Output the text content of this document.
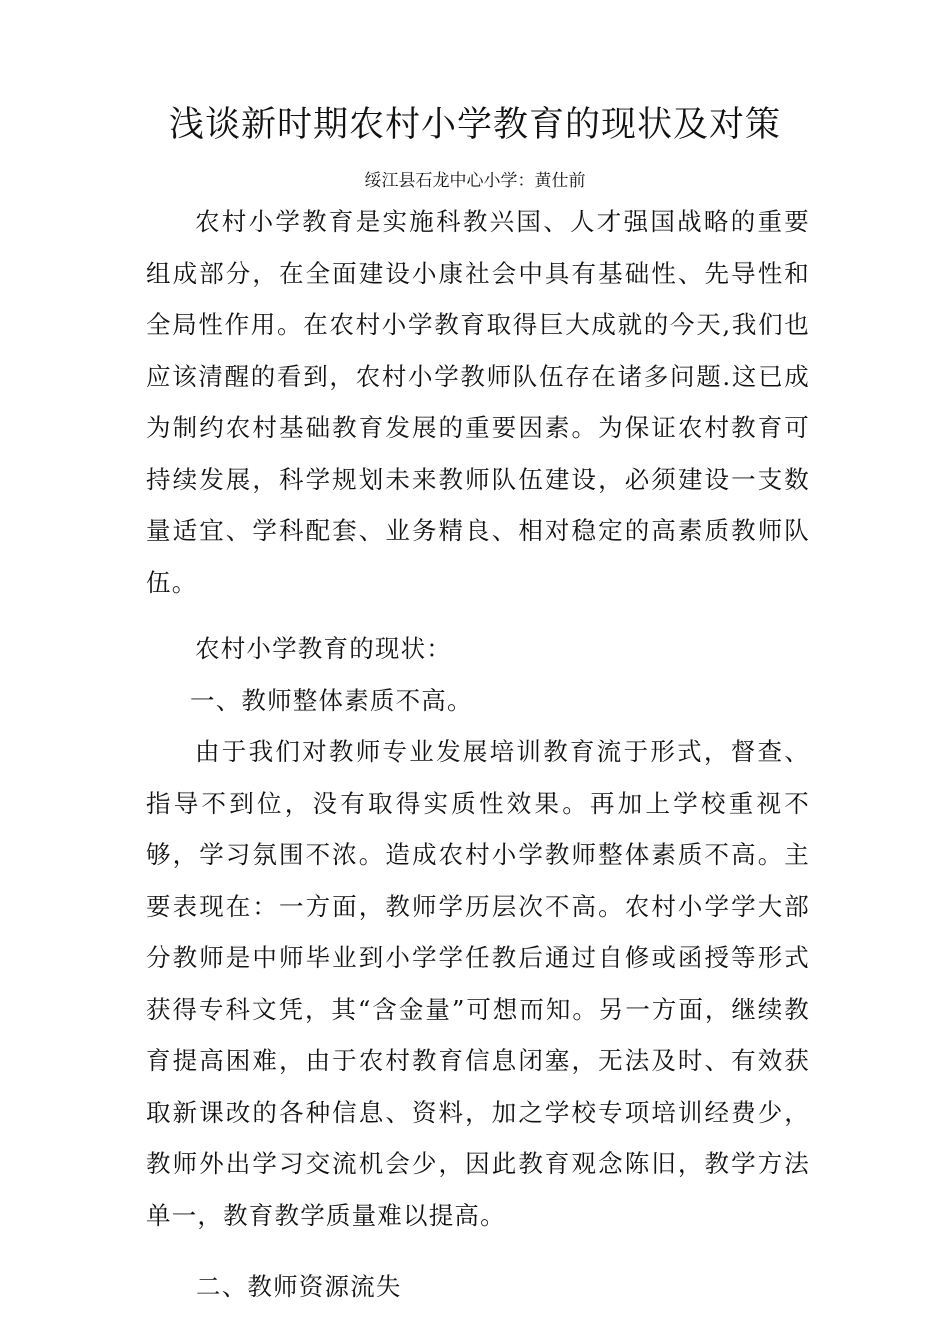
浅谈新时期农村小学教育的现状及对策
绥江县石龙中心小学：黄仕前

农村小学教育是实施科教兴国、人才强国战略的重要组成部分，在全面建设小康社会中具有基础性、先导性和全局性作用。在农村小学教育取得巨大成就的今天,我们也应该清醒的看到，农村小学教师队伍存在诸多问题.这已成为制约农村基础教育发展的重要因素。为保证农村教育可持续发展，科学规划未来教师队伍建设，必须建设一支数量适宜、学科配套、业务精良、相对稳定的高素质教师队伍。

农村小学教育的现状：

一、教师整体素质不高。

由于我们对教师专业发展培训教育流于形式，督查、指导不到位，没有取得实质性效果。再加上学校重视不够，学习氛围不浓。造成农村小学教师整体素质不高。主要表现在：一方面，教师学历层次不高。农村小学学大部分教师是中师毕业到小学学任教后通过自修或函授等形式获得专科文凭，其“含金量”可想而知。另一方面，继续教育提高困难，由于农村教育信息闭塞，无法及时、有效获取新课改的各种信息、资料，加之学校专项培训经费少，教师外出学习交流机会少，因此教育观念陈旧，教学方法单一，教育教学质量难以提高。

二、教师资源流失
